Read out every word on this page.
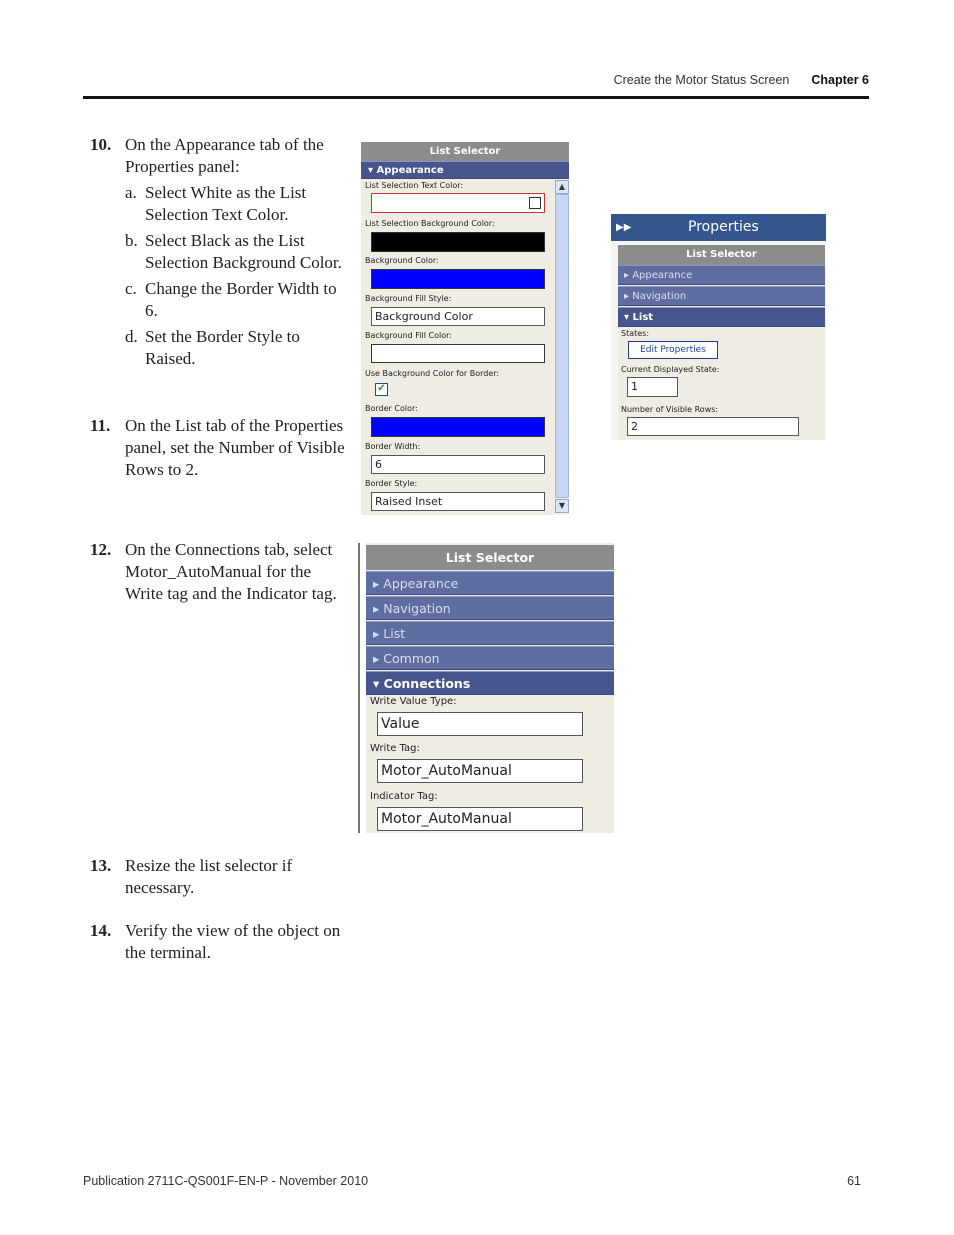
Create the Motor Status Screen Chapter 6
10. On the Appearance tab of the Properties panel:
a. Select White as the List Selection Text Color.
b. Select Black as the List Selection Background Color.
c. Change the Border Width to 6.
d. Set the Border Style to Raised.
11. On the List tab of the Properties panel, set the Number of Visible Rows to 2.
12. On the Connections tab, select Motor_AutoManual for the Write tag and the Indicator tag.
13. Resize the list selector if necessary.
14. Verify the view of the object on the terminal.
List Selector
▾ Appearance
List Selection Text Color:
List Selection Background Color:
Background Color:
Background Fill Style:
Background Color
Background Fill Color:
Use Background Color for Border:
✔
Border Color:
Border Width:
6
Border Style:
Raised Inset
▲
▼
▶▶	Properties
List Selector
▸ Appearance
▸ Navigation
▾ List
States:
Edit Properties
Current Displayed State:
1
Number of Visible Rows:
2
List Selector
▸ Appearance
▸ Navigation
▸ List
▸ Common
▾ Connections
Write Value Type:
Value
Write Tag:
Motor_AutoManual
Indicator Tag:
Motor_AutoManual
Publication 2711C-QS001F-EN-P - November 2010	61
